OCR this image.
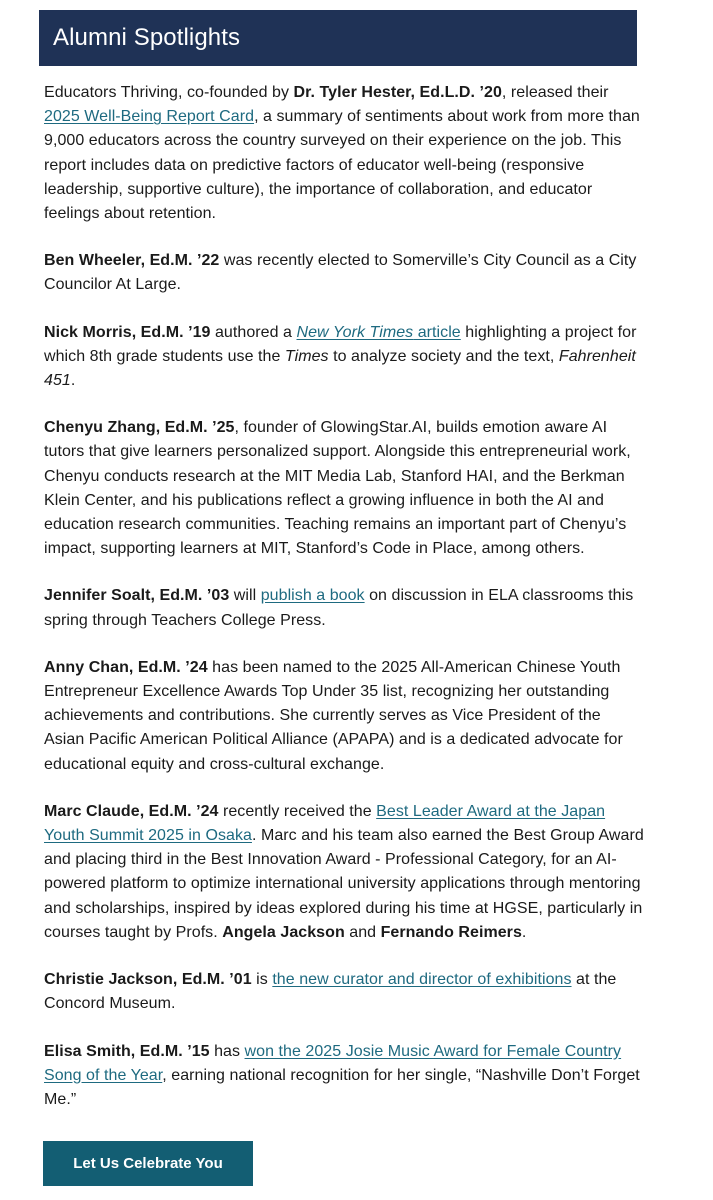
Alumni Spotlights

Educators Thriving, co-founded by Dr. Tyler Hester, Ed.L.D. ’20, released their 2025 Well-Being Report Card, a summary of sentiments about work from more than 9,000 educators across the country surveyed on their experience on the job. This report includes data on predictive factors of educator well-being (responsive leadership, supportive culture), the importance of collaboration, and educator feelings about retention.

Ben Wheeler, Ed.M. ’22 was recently elected to Somerville’s City Council as a City Councilor At Large.

Nick Morris, Ed.M. ’19 authored a New York Times article highlighting a project for which 8th grade students use the Times to analyze society and the text, Fahrenheit 451.

Chenyu Zhang, Ed.M. ’25, founder of GlowingStar.AI, builds emotion aware AI tutors that give learners personalized support. Alongside this entrepreneurial work, Chenyu conducts research at the MIT Media Lab, Stanford HAI, and the Berkman Klein Center, and his publications reflect a growing influence in both the AI and education research communities. Teaching remains an important part of Chenyu’s impact, supporting learners at MIT, Stanford’s Code in Place, among others.

Jennifer Soalt, Ed.M. ’03 will publish a book on discussion in ELA classrooms this spring through Teachers College Press.

Anny Chan, Ed.M. ’24 has been named to the 2025 All-American Chinese Youth Entrepreneur Excellence Awards Top Under 35 list, recognizing her outstanding achievements and contributions. She currently serves as Vice President of the Asian Pacific American Political Alliance (APAPA) and is a dedicated advocate for educational equity and cross-cultural exchange.

Marc Claude, Ed.M. ’24 recently received the Best Leader Award at the Japan Youth Summit 2025 in Osaka. Marc and his team also earned the Best Group Award and placing third in the Best Innovation Award - Professional Category, for an AI-powered platform to optimize international university applications through mentoring and scholarships, inspired by ideas explored during his time at HGSE, particularly in courses taught by Profs. Angela Jackson and Fernando Reimers.

Christie Jackson, Ed.M. ’01 is the new curator and director of exhibitions at the Concord Museum.

Elisa Smith, Ed.M. ’15 has won the 2025 Josie Music Award for Female Country Song of the Year, earning national recognition for her single, “Nashville Don’t Forget Me.”

Let Us Celebrate You
